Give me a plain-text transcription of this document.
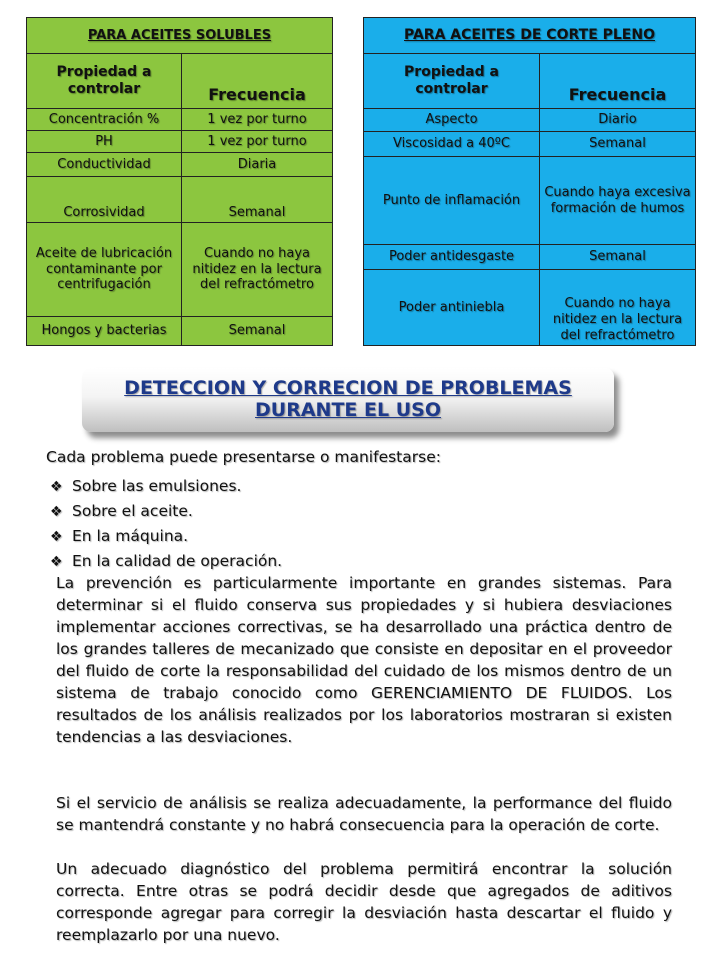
PARA ACEITES SOLUBLES	
Propiedad a controlar	Frecuencia
Concentración %	1 vez por turno
PH	1 vez por turno
Conductividad	Diaria
Corrosividad	Semanal
Aceite de lubricación contaminante por centrifugación	Cuando no haya nitidez en la lectura del refractómetro
Hongos y bacterias	Semanal
PARA ACEITES DE CORTE PLENO	
Propiedad a controlar	Frecuencia
Aspecto	Diario
Viscosidad a 40ºC	Semanal
Punto de inflamación	Cuando haya excesiva formación de humos
Poder antidesgaste	Semanal
Poder antiniebla	Cuando no haya nitidez en la lectura del refractómetro
DETECCION Y CORRECION DE PROBLEMAS
DURANTE EL USO
Cada problema puede presentarse o manifestarse:
❖ Sobre las emulsiones.
❖ Sobre el aceite.
❖ En la máquina.
❖ En la calidad de operación.

La prevención es particularmente importante en grandes sistemas. Para determinar si el fluido conserva sus propiedades y si hubiera desviaciones implementar acciones correctivas, se ha desarrollado una práctica dentro de los grandes talleres de mecanizado que consiste en depositar en el proveedor del fluido de corte la responsabilidad del cuidado de los mismos dentro de un sistema de trabajo conocido como GERENCIAMIENTO DE FLUIDOS. Los resultados de los análisis realizados por los laboratorios mostraran si existen tendencias a las desviaciones.

Si el servicio de análisis se realiza adecuadamente, la performance del fluido se mantendrá constante y no habrá consecuencia para la operación de corte.

Un adecuado diagnóstico del problema permitirá encontrar la solución correcta. Entre otras se podrá decidir desde que agregados de aditivos corresponde agregar para corregir la desviación hasta descartar el fluido y reemplazarlo por una nuevo.
